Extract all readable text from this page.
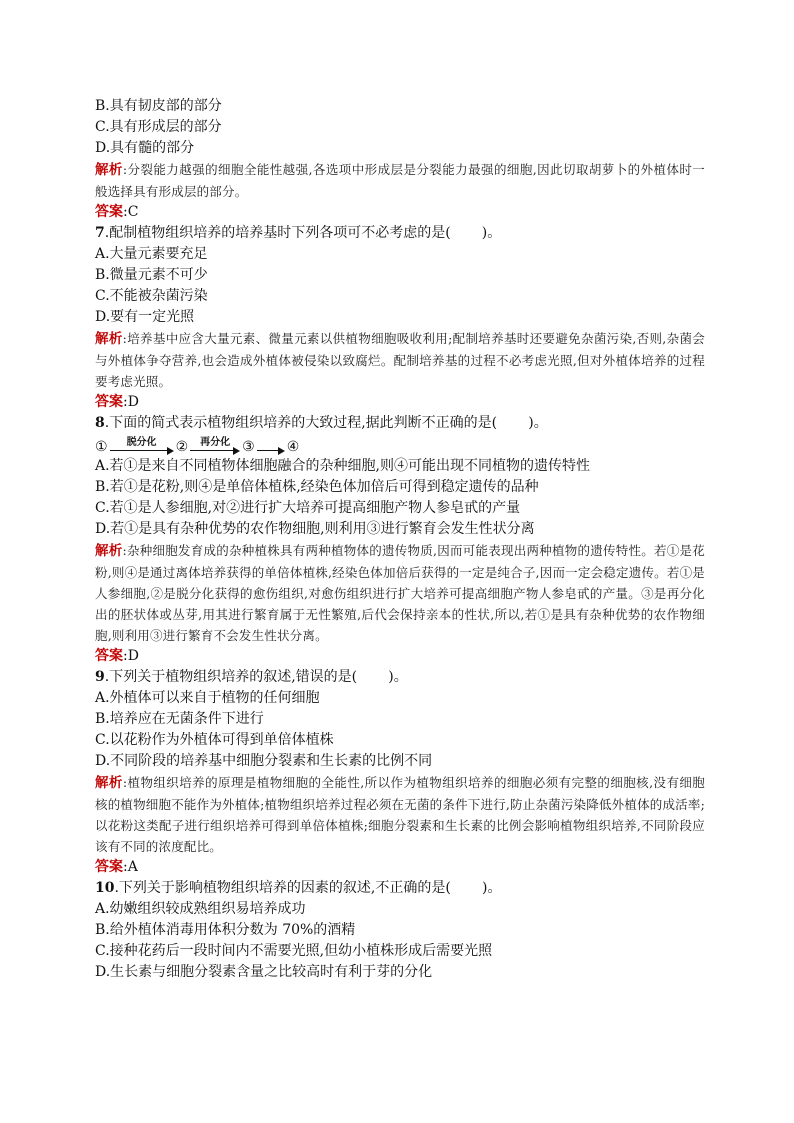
B.具有韧皮部的部分
C.具有形成层的部分
D.具有髓的部分
解析:分裂能力越强的细胞全能性越强,各选项中形成层是分裂能力最强的细胞,因此切取胡萝卜的外植体时一般选择具有形成层的部分。
答案:C
7.配制植物组织培养的培养基时下列各项可不必考虑的是(       )。
A.大量元素要充足
B.微量元素不可少
C.不能被杂菌污染
D.要有一定光照
解析:培养基中应含大量元素、微量元素以供植物细胞吸收利用;配制培养基时还要避免杂菌污染,否则,杂菌会与外植体争夺营养,也会造成外植体被侵染以致腐烂。配制培养基的过程不必考虑光照,但对外植体培养的过程要考虑光照。
答案:D
8.下面的简式表示植物组织培养的大致过程,据此判断不正确的是(       )。
①	脱分化	②	再分化 ③ ④
A.若①是来自不同植物体细胞融合的杂种细胞,则④可能出现不同植物的遗传特性
B.若①是花粉,则④是单倍体植株,经染色体加倍后可得到稳定遗传的品种
C.若①是人参细胞,对②进行扩大培养可提高细胞产物人参皂甙的产量
D.若①是具有杂种优势的农作物细胞,则利用③进行繁育会发生性状分离
解析:杂种细胞发育成的杂种植株具有两种植物体的遗传物质,因而可能表现出两种植物的遗传特性。若①是花粉,则④是通过离体培养获得的单倍体植株,经染色体加倍后获得的一定是纯合子,因而一定会稳定遗传。若①是人参细胞,②是脱分化获得的愈伤组织,对愈伤组织进行扩大培养可提高细胞产物人参皂甙的产量。③是再分化出的胚状体或丛芽,用其进行繁育属于无性繁殖,后代会保持亲本的性状,所以,若①是具有杂种优势的农作物细胞,则利用③进行繁育不会发生性状分离。
答案:D
9.下列关于植物组织培养的叙述,错误的是(       )。
A.外植体可以来自于植物的任何细胞
B.培养应在无菌条件下进行
C.以花粉作为外植体可得到单倍体植株
D.不同阶段的培养基中细胞分裂素和生长素的比例不同
解析:植物组织培养的原理是植物细胞的全能性,所以作为植物组织培养的细胞必须有完整的细胞核,没有细胞核的植物细胞不能作为外植体;植物组织培养过程必须在无菌的条件下进行,防止杂菌污染降低外植体的成活率;以花粉这类配子进行组织培养可得到单倍体植株;细胞分裂素和生长素的比例会影响植物组织培养,不同阶段应该有不同的浓度配比。
答案:A
10.下列关于影响植物组织培养的因素的叙述,不正确的是(       )。
A.幼嫩组织较成熟组织易培养成功
B.给外植体消毒用体积分数为 70%的酒精
C.接种花药后一段时间内不需要光照,但幼小植株形成后需要光照
D.生长素与细胞分裂素含量之比较高时有利于芽的分化
